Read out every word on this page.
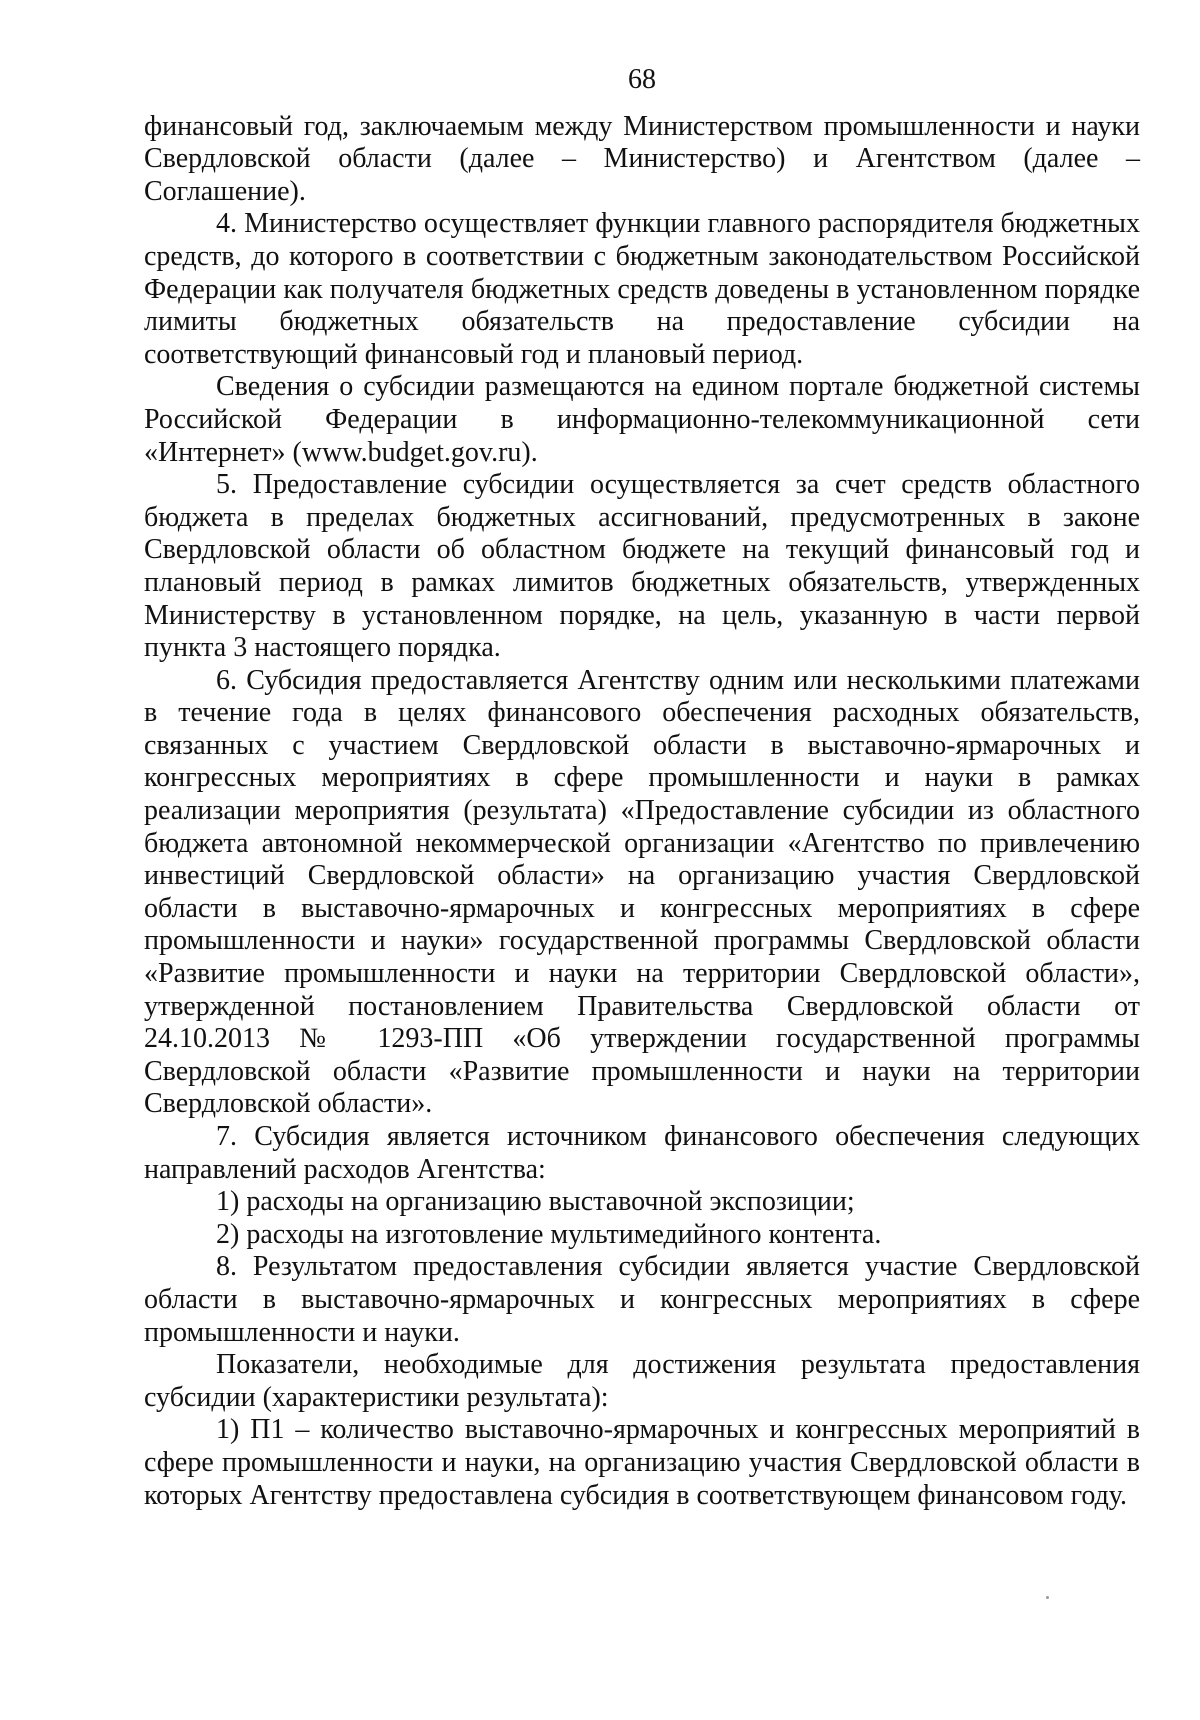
68

финансовый год, заключаемым между Министерством промышленности и науки Свердловской области (далее – Министерство) и Агентством (далее – Соглашение).

4. Министерство осуществляет функции главного распорядителя бюджетных средств, до которого в соответствии с бюджетным законодательством Российской Федерации как получателя бюджетных средств доведены в установленном порядке лимиты бюджетных обязательств на предоставление субсидии на соответствующий финансовый год и плановый период.

Сведения о субсидии размещаются на едином портале бюджетной системы Российской Федерации в информационно-телекоммуникационной сети «Интернет» (www.budget.gov.ru).

5. Предоставление субсидии осуществляется за счет средств областного бюджета в пределах бюджетных ассигнований, предусмотренных в законе Свердловской области об областном бюджете на текущий финансовый год и плановый период в рамках лимитов бюджетных обязательств, утвержденных Министерству в установленном порядке, на цель, указанную в части первой пункта 3 настоящего порядка.

6. Субсидия предоставляется Агентству одним или несколькими платежами в течение года в целях финансового обеспечения расходных обязательств, связанных с участием Свердловской области в выставочно-ярмарочных и конгрессных мероприятиях в сфере промышленности и науки в рамках реализации мероприятия (результата) «Предоставление субсидии из областного бюджета автономной некоммерческой организации «Агентство по привлечению инвестиций Свердловской области» на организацию участия Свердловской области в выставочно-ярмарочных и конгрессных мероприятиях в сфере промышленности и науки» государственной программы Свердловской области «Развитие промышленности и науки на территории Свердловской области», утвержденной постановлением Правительства Свердловской области от 24.10.2013 № 1293-ПП «Об утверждении государственной программы Свердловской области «Развитие промышленности и науки на территории Свердловской области».

7. Субсидия является источником финансового обеспечения следующих направлений расходов Агентства:

1) расходы на организацию выставочной экспозиции;

2) расходы на изготовление мультимедийного контента.

8. Результатом предоставления субсидии является участие Свердловской области в выставочно-ярмарочных и конгрессных мероприятиях в сфере промышленности и науки.

Показатели, необходимые для достижения результата предоставления субсидии (характеристики результата):

1) П1 – количество выставочно-ярмарочных и конгрессных мероприятий в сфере промышленности и науки, на организацию участия Свердловской области в которых Агентству предоставлена субсидия в соответствующем финансовом году.
